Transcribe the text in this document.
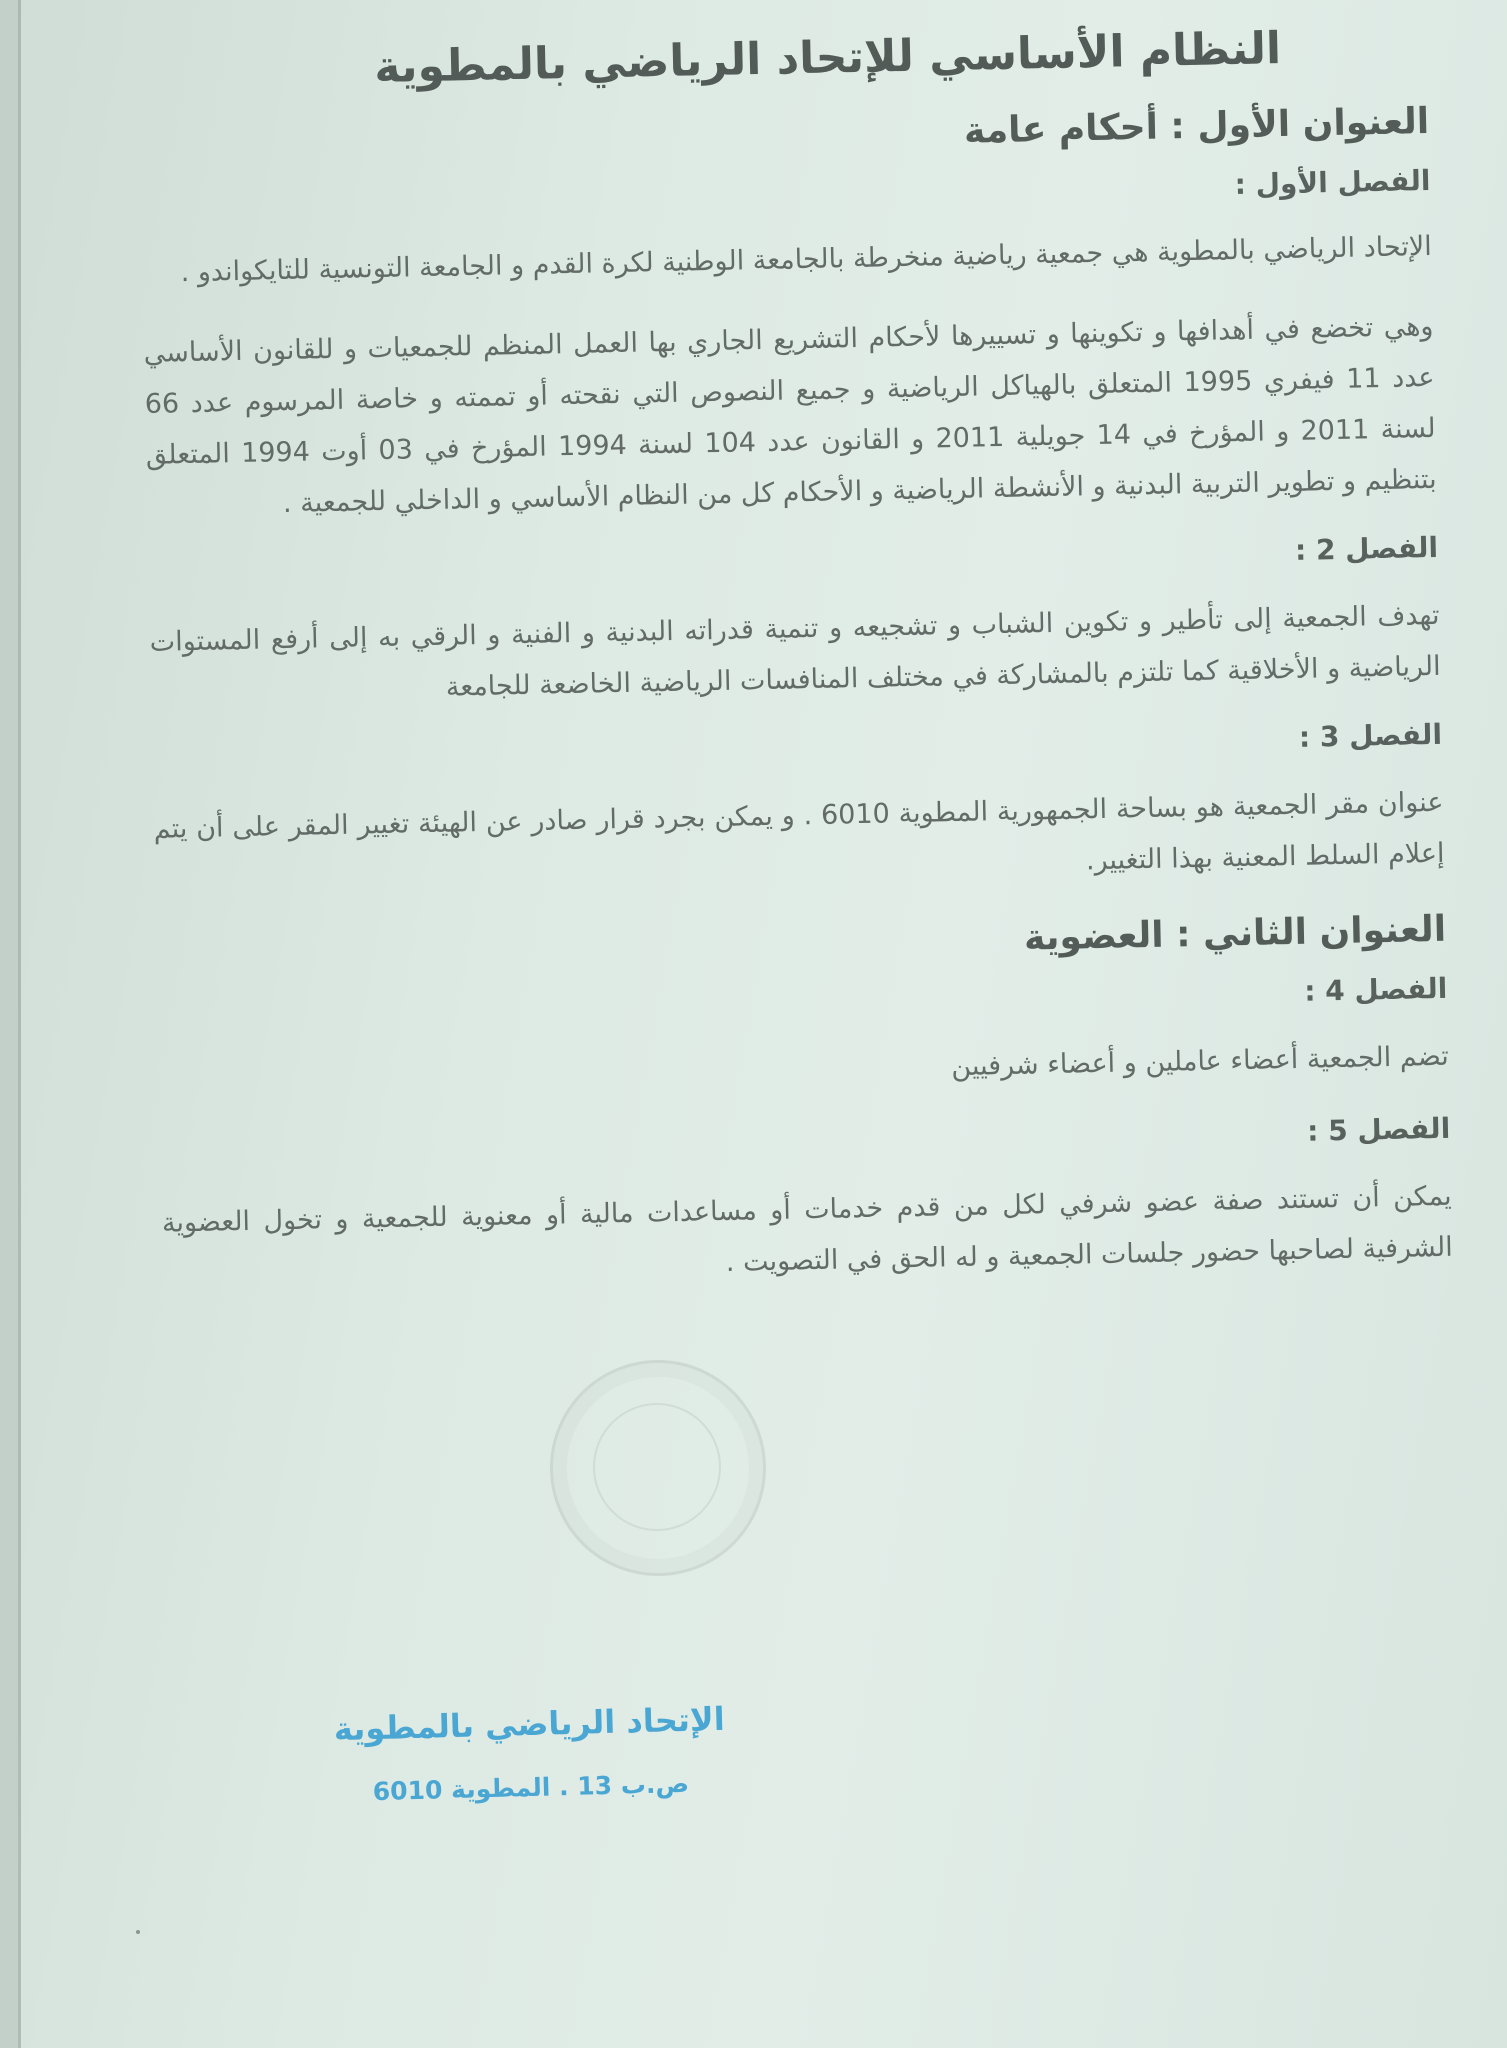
النظام الأساسي للإتحاد الرياضي بالمطوية
العنوان الأول : أحكام عامة
الفصل الأول :

الإتحاد الرياضي بالمطوية هي جمعية رياضية منخرطة بالجامعة الوطنية لكرة القدم و الجامعة التونسية للتايكواندو .

وهي تخضع في أهدافها و تكوينها و تسييرها لأحكام التشريع الجاري بها العمل المنظم للجمعيات و للقانون الأساسي عدد 11 فيفري 1995 المتعلق بالهياكل الرياضية و جميع النصوص التي نقحته أو تممته و خاصة المرسوم عدد 66 لسنة 2011 و المؤرخ في 14 جويلية 2011 و القانون عدد 104 لسنة 1994 المؤرخ في 03 أوت 1994 المتعلق بتنظيم و تطوير التربية البدنية و الأنشطة الرياضية و الأحكام كل من النظام الأساسي و الداخلي للجمعية .

الفصل 2 :

تهدف الجمعية إلى تأطير و تكوين الشباب و تشجيعه و تنمية قدراته البدنية و الفنية و الرقي به إلى أرفع المستوات الرياضية و الأخلاقية كما تلتزم بالمشاركة في مختلف المنافسات الرياضية الخاضعة للجامعة

الفصل 3 :

عنوان مقر الجمعية هو بساحة الجمهورية المطوية 6010 . و يمكن بجرد قرار صادر عن الهيئة تغيير المقر على أن يتم إعلام السلط المعنية بهذا التغيير.

العنوان الثاني : العضوية
الفصل 4 :

تضم الجمعية أعضاء عاملين و أعضاء شرفيين

الفصل 5 :

يمكن أن تستند صفة عضو شرفي لكل من قدم خدمات أو مساعدات مالية أو معنوية للجمعية و تخول العضوية الشرفية لصاحبها حضور جلسات الجمعية و له الحق في التصويت .

الإتحاد الرياضي بالمطوية

ص.ب 13 . المطوية 6010
